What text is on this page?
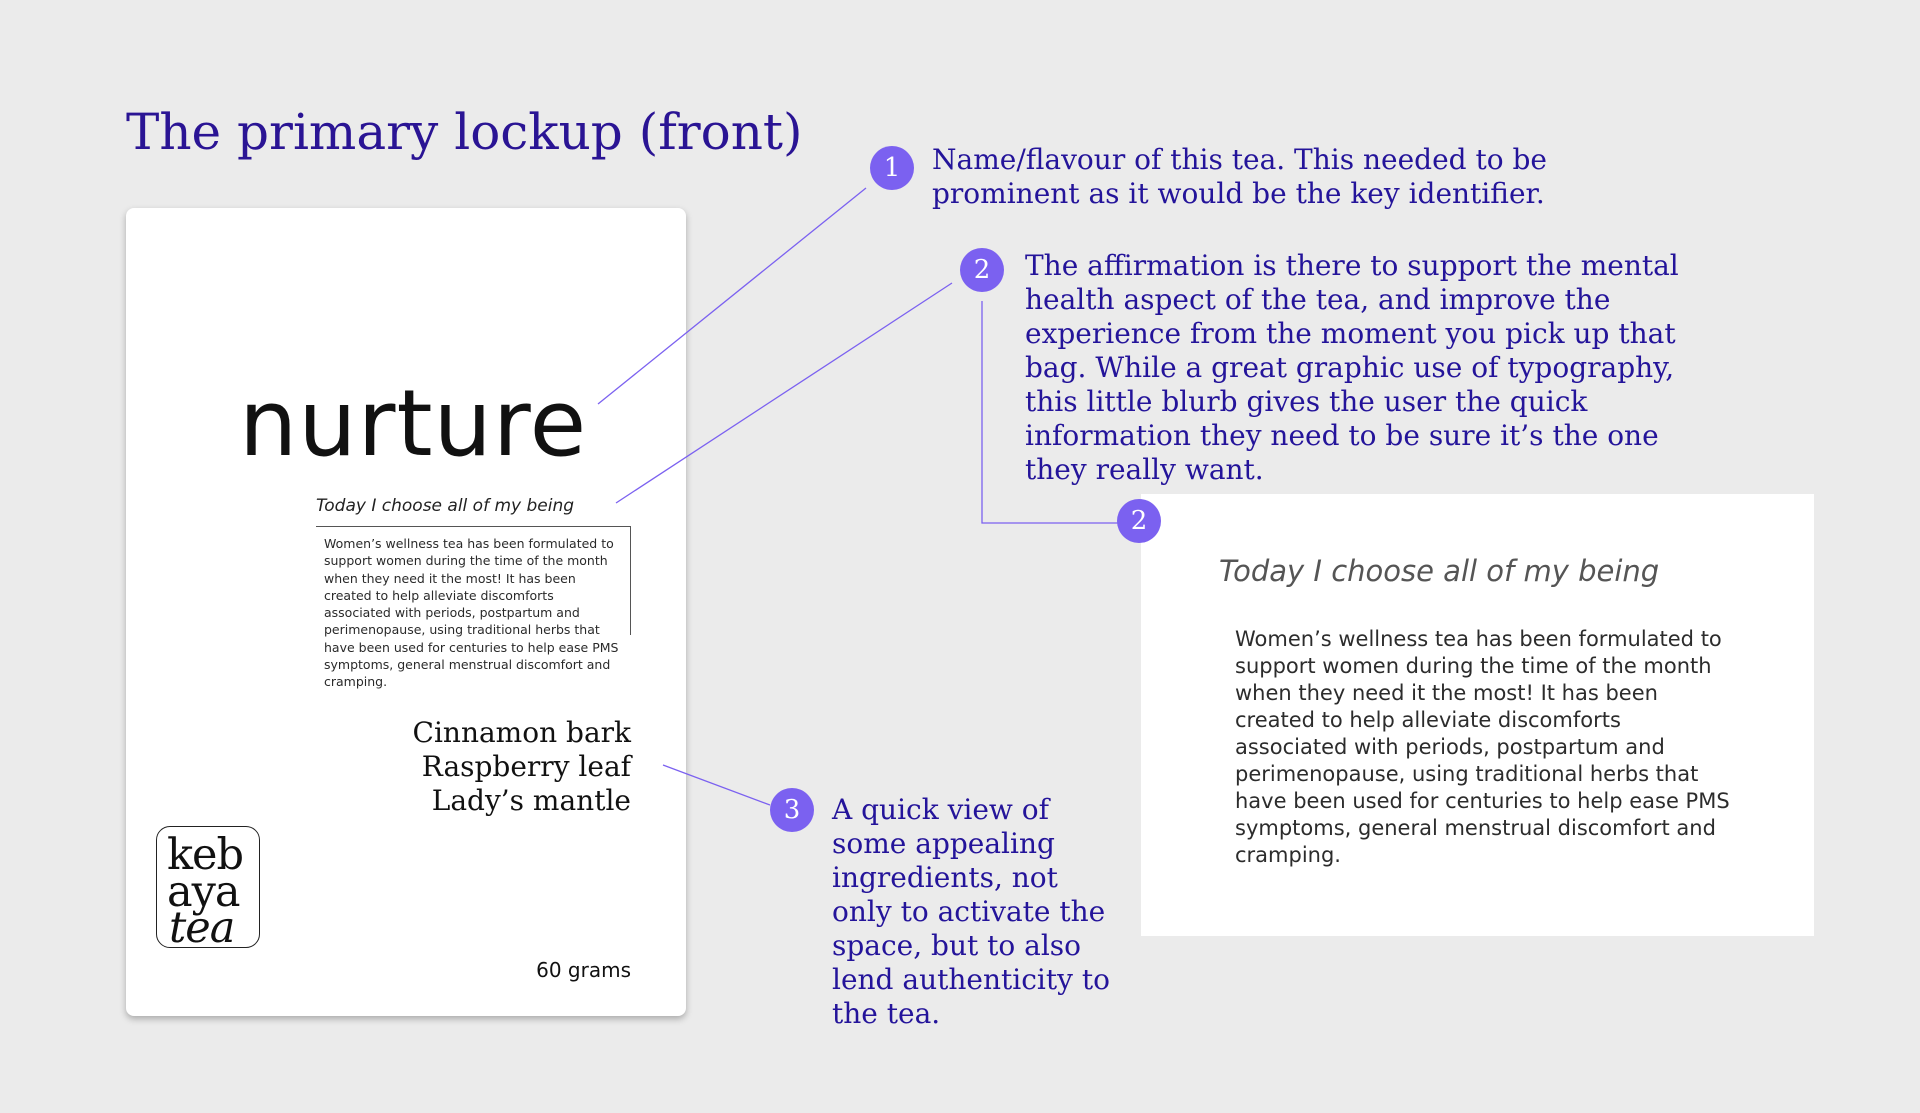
The primary lockup (front)
nurture
Today I choose all of my being
Women’s wellness tea has been formulated to support women during the time of the month when they need it the most! It has been created to help alleviate discomforts associated with periods, postpartum and perimenopause, using traditional herbs that have been used for centuries to help ease PMS symptoms, general menstrual discomfort and cramping.
Cinnamon bark
Raspberry leaf
Lady’s mantle
keb
aya
tea
60 grams
1	Name/flavour of this tea. This needed to be prominent as it would be the key identifier.

2	The affirmation is there to support the mental health aspect of the tea, and improve the experience from the moment you pick up that bag. While a great graphic use of typography, this little blurb gives the user the quick information they need to be sure it’s the one they really want.

3	A quick view of some appealing ingredients, not only to activate the space, but to also lend authenticity to the tea.

Today I choose all of my being
Women’s wellness tea has been formulated to support women during the time of the month when they need it the most! It has been created to help alleviate discomforts associated with periods, postpartum and perimenopause, using traditional herbs that have been used for centuries to help ease PMS symptoms, general menstrual discomfort and cramping.
2
